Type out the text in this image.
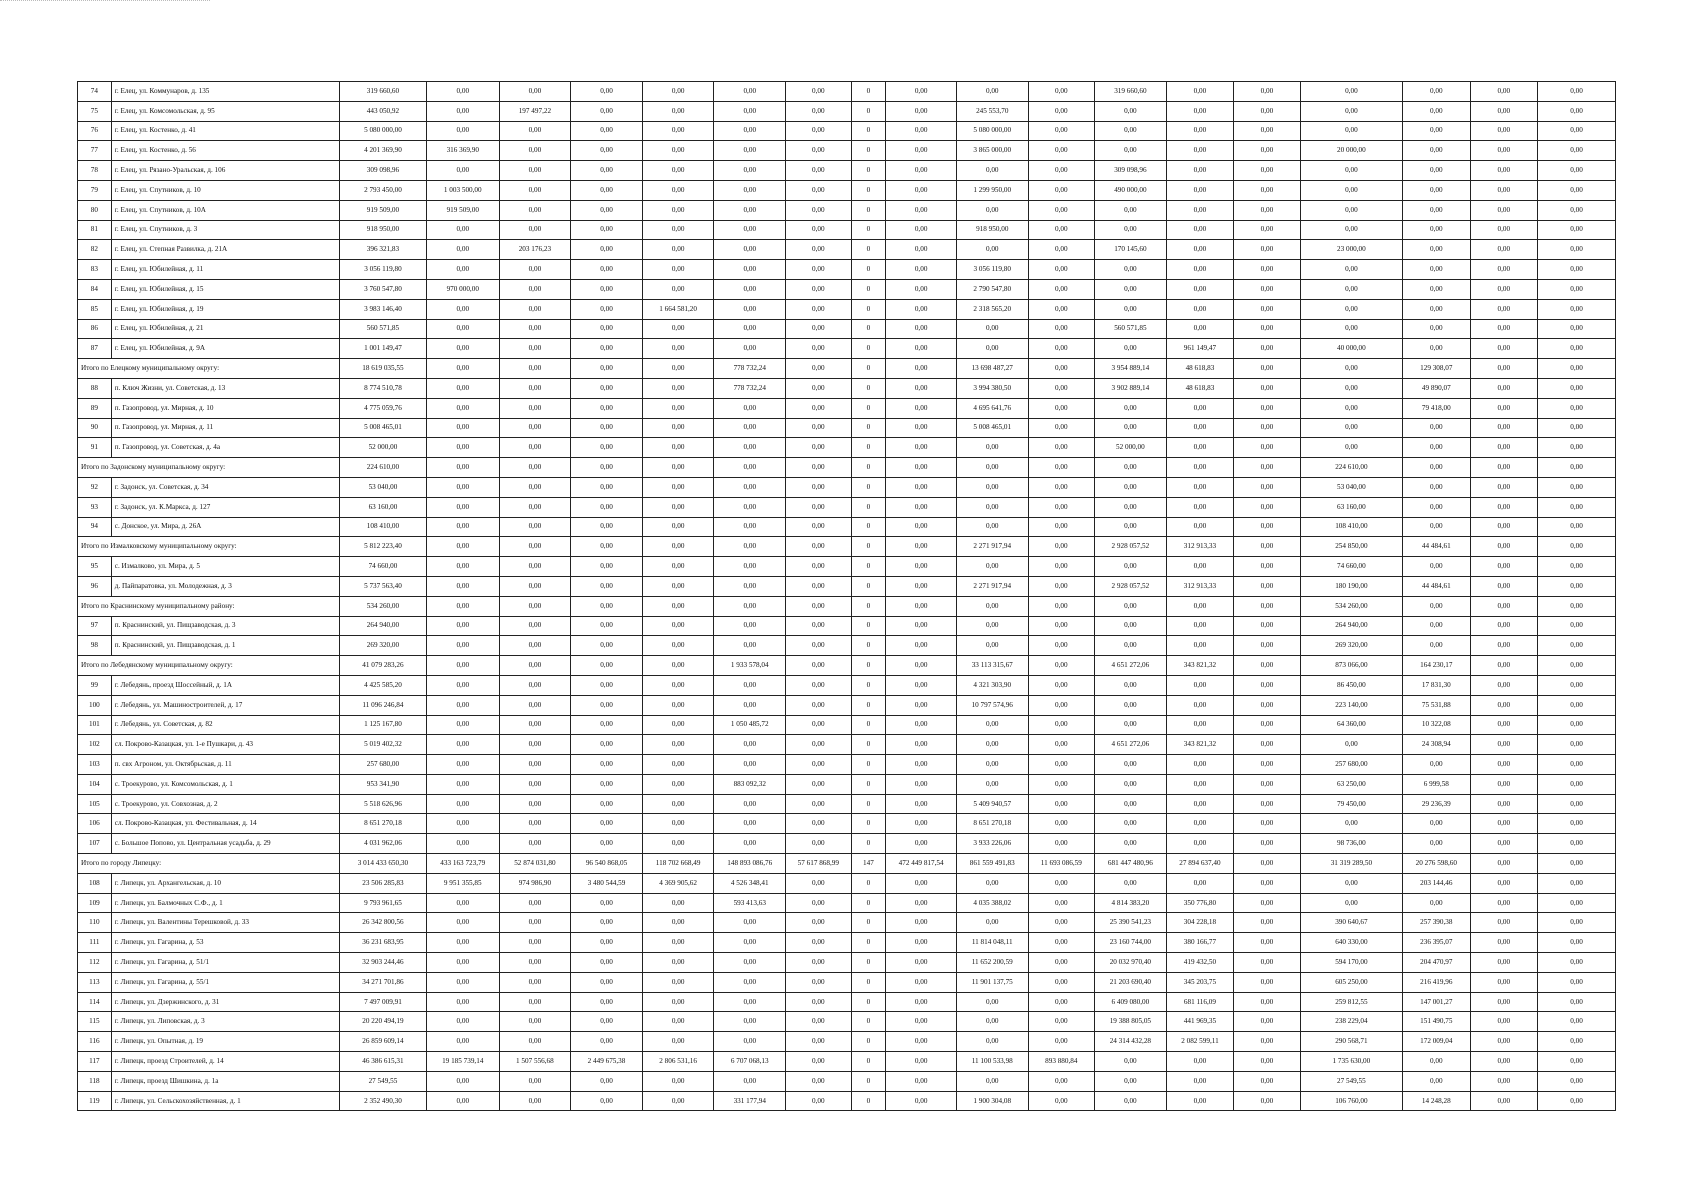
74	г. Елец, ул. Коммунаров, д. 135	319 660,60	0,00	0,00	0,00	0,00	0,00	0,00	0	0,00	0,00	0,00	319 660,60	0,00	0,00	0,00	0,00	0,00	0,00
75	г. Елец, ул. Комсомольская, д. 95	443 050,92	0,00	197 497,22	0,00	0,00	0,00	0,00	0	0,00	245 553,70	0,00	0,00	0,00	0,00	0,00	0,00	0,00	0,00
76	г. Елец, ул. Костенко, д. 41	5 080 000,00	0,00	0,00	0,00	0,00	0,00	0,00	0	0,00	5 080 000,00	0,00	0,00	0,00	0,00	0,00	0,00	0,00	0,00
77	г. Елец, ул. Костенко, д. 56	4 201 369,90	316 369,90	0,00	0,00	0,00	0,00	0,00	0	0,00	3 865 000,00	0,00	0,00	0,00	0,00	20 000,00	0,00	0,00	0,00
78	г. Елец, ул. Рязано-Уральская, д. 106	309 098,96	0,00	0,00	0,00	0,00	0,00	0,00	0	0,00	0,00	0,00	309 098,96	0,00	0,00	0,00	0,00	0,00	0,00
79	г. Елец, ул. Спутников, д. 10	2 793 450,00	1 003 500,00	0,00	0,00	0,00	0,00	0,00	0	0,00	1 299 950,00	0,00	490 000,00	0,00	0,00	0,00	0,00	0,00	0,00
80	г. Елец, ул. Спутников, д. 10А	919 509,00	919 509,00	0,00	0,00	0,00	0,00	0,00	0	0,00	0,00	0,00	0,00	0,00	0,00	0,00	0,00	0,00	0,00
81	г. Елец, ул. Спутников, д. 3	918 950,00	0,00	0,00	0,00	0,00	0,00	0,00	0	0,00	918 950,00	0,00	0,00	0,00	0,00	0,00	0,00	0,00	0,00
82	г. Елец, ул. Степная Развилка, д. 21А	396 321,83	0,00	203 176,23	0,00	0,00	0,00	0,00	0	0,00	0,00	0,00	170 145,60	0,00	0,00	23 000,00	0,00	0,00	0,00
83	г. Елец, ул. Юбилейная, д. 11	3 056 119,80	0,00	0,00	0,00	0,00	0,00	0,00	0	0,00	3 056 119,80	0,00	0,00	0,00	0,00	0,00	0,00	0,00	0,00
84	г. Елец, ул. Юбилейная, д. 15	3 760 547,80	970 000,00	0,00	0,00	0,00	0,00	0,00	0	0,00	2 790 547,80	0,00	0,00	0,00	0,00	0,00	0,00	0,00	0,00
85	г. Елец, ул. Юбилейная, д. 19	3 983 146,40	0,00	0,00	0,00	1 664 581,20	0,00	0,00	0	0,00	2 318 565,20	0,00	0,00	0,00	0,00	0,00	0,00	0,00	0,00
86	г. Елец, ул. Юбилейная, д. 21	560 571,85	0,00	0,00	0,00	0,00	0,00	0,00	0	0,00	0,00	0,00	560 571,85	0,00	0,00	0,00	0,00	0,00	0,00
87	г. Елец, ул. Юбилейная, д. 9А	1 001 149,47	0,00	0,00	0,00	0,00	0,00	0,00	0	0,00	0,00	0,00	0,00	961 149,47	0,00	40 000,00	0,00	0,00	0,00
Итого по Елецкому муниципальному округу:		18 619 035,55	0,00	0,00	0,00	0,00	778 732,24	0,00	0	0,00	13 698 487,27	0,00	3 954 889,14	48 618,83	0,00	0,00	129 308,07	0,00	0,00
88	п. Ключ Жизни, ул. Советская, д. 13	8 774 510,78	0,00	0,00	0,00	0,00	778 732,24	0,00	0	0,00	3 994 380,50	0,00	3 902 889,14	48 618,83	0,00	0,00	49 890,07	0,00	0,00
89	п. Газопровод, ул. Мирная, д. 10	4 775 059,76	0,00	0,00	0,00	0,00	0,00	0,00	0	0,00	4 695 641,76	0,00	0,00	0,00	0,00	0,00	79 418,00	0,00	0,00
90	п. Газопровод, ул. Мирная, д. 11	5 008 465,01	0,00	0,00	0,00	0,00	0,00	0,00	0	0,00	5 008 465,01	0,00	0,00	0,00	0,00	0,00	0,00	0,00	0,00
91	п. Газопровод, ул. Советская, д. 4а	52 000,00	0,00	0,00	0,00	0,00	0,00	0,00	0	0,00	0,00	0,00	52 000,00	0,00	0,00	0,00	0,00	0,00	0,00
Итого по Задонскому муниципальному округу:		224 610,00	0,00	0,00	0,00	0,00	0,00	0,00	0	0,00	0,00	0,00	0,00	0,00	0,00	224 610,00	0,00	0,00	0,00
92	г. Задонск, ул. Советская, д. 34	53 040,00	0,00	0,00	0,00	0,00	0,00	0,00	0	0,00	0,00	0,00	0,00	0,00	0,00	53 040,00	0,00	0,00	0,00
93	г. Задонск, ул. К.Маркса, д. 127	63 160,00	0,00	0,00	0,00	0,00	0,00	0,00	0	0,00	0,00	0,00	0,00	0,00	0,00	63 160,00	0,00	0,00	0,00
94	с. Донское, ул. Мира, д. 26А	108 410,00	0,00	0,00	0,00	0,00	0,00	0,00	0	0,00	0,00	0,00	0,00	0,00	0,00	108 410,00	0,00	0,00	0,00
Итого по Измалковскому муниципальному округу:		5 812 223,40	0,00	0,00	0,00	0,00	0,00	0,00	0	0,00	2 271 917,94	0,00	2 928 057,52	312 913,33	0,00	254 850,00	44 484,61	0,00	0,00
95	с. Измалково, ул. Мира, д. 5	74 660,00	0,00	0,00	0,00	0,00	0,00	0,00	0	0,00	0,00	0,00	0,00	0,00	0,00	74 660,00	0,00	0,00	0,00
96	д. Пайпаратовка, ул. Молодежная, д. 3	5 737 563,40	0,00	0,00	0,00	0,00	0,00	0,00	0	0,00	2 271 917,94	0,00	2 928 057,52	312 913,33	0,00	180 190,00	44 484,61	0,00	0,00
Итого по Краснинскому муниципальному району:		534 260,00	0,00	0,00	0,00	0,00	0,00	0,00	0	0,00	0,00	0,00	0,00	0,00	0,00	534 260,00	0,00	0,00	0,00
97	п. Краснинский, ул. Пищзаводская, д. 3	264 940,00	0,00	0,00	0,00	0,00	0,00	0,00	0	0,00	0,00	0,00	0,00	0,00	0,00	264 940,00	0,00	0,00	0,00
98	п. Краснинский, ул. Пищзаводская, д. 1	269 320,00	0,00	0,00	0,00	0,00	0,00	0,00	0	0,00	0,00	0,00	0,00	0,00	0,00	269 320,00	0,00	0,00	0,00
Итого по Лебедянскому муниципальному округу:		41 079 283,26	0,00	0,00	0,00	0,00	1 933 578,04	0,00	0	0,00	33 113 315,67	0,00	4 651 272,06	343 821,32	0,00	873 066,00	164 230,17	0,00	0,00
99	г. Лебедянь, проезд Шоссейный, д. 1А	4 425 585,20	0,00	0,00	0,00	0,00	0,00	0,00	0	0,00	4 321 303,90	0,00	0,00	0,00	0,00	86 450,00	17 831,30	0,00	0,00
100	г. Лебедянь, ул. Машиностроителей, д. 17	11 096 246,84	0,00	0,00	0,00	0,00	0,00	0,00	0	0,00	10 797 574,96	0,00	0,00	0,00	0,00	223 140,00	75 531,88	0,00	0,00
101	г. Лебедянь, ул. Советская, д. 82	1 125 167,80	0,00	0,00	0,00	0,00	1 050 485,72	0,00	0	0,00	0,00	0,00	0,00	0,00	0,00	64 360,00	10 322,08	0,00	0,00
102	сл. Покрово-Казацкая, ул. 1-е Пушкари, д. 43	5 019 402,32	0,00	0,00	0,00	0,00	0,00	0,00	0	0,00	0,00	0,00	4 651 272,06	343 821,32	0,00	0,00	24 308,94	0,00	0,00
103	п. свх Агроном, ул. Октябрьская, д. 11	257 680,00	0,00	0,00	0,00	0,00	0,00	0,00	0	0,00	0,00	0,00	0,00	0,00	0,00	257 680,00	0,00	0,00	0,00
104	с. Троекурово, ул. Комсомольская, д. 1	953 341,90	0,00	0,00	0,00	0,00	883 092,32	0,00	0	0,00	0,00	0,00	0,00	0,00	0,00	63 250,00	6 999,58	0,00	0,00
105	с. Троекурово, ул. Совхозная, д. 2	5 518 626,96	0,00	0,00	0,00	0,00	0,00	0,00	0	0,00	5 409 940,57	0,00	0,00	0,00	0,00	79 450,00	29 236,39	0,00	0,00
106	сл. Покрово-Казацкая, ул. Фестивальная, д. 14	8 651 270,18	0,00	0,00	0,00	0,00	0,00	0,00	0	0,00	8 651 270,18	0,00	0,00	0,00	0,00	0,00	0,00	0,00	0,00
107	с. Большое Попово, ул. Центральная усадьба, д. 29	4 031 962,06	0,00	0,00	0,00	0,00	0,00	0,00	0	0,00	3 933 226,06	0,00	0,00	0,00	0,00	98 736,00	0,00	0,00	0,00
Итого по городу Липецку:		3 014 433 650,30	433 163 723,79	52 874 031,80	96 540 868,05	118 702 668,49	148 893 086,76	57 617 868,99	147	472 449 817,54	861 559 491,83	11 693 086,59	681 447 480,96	27 894 637,40	0,00	31 319 289,50	20 276 598,60	0,00	0,00
108	г. Липецк, ул. Архангельская, д. 10	23 506 285,83	9 951 355,85	974 986,90	3 480 544,59	4 369 905,62	4 526 348,41	0,00	0	0,00	0,00	0,00	0,00	0,00	0,00	0,00	203 144,46	0,00	0,00
109	г. Липецк, ул. Балмочных С.Ф., д. 1	9 793 961,65	0,00	0,00	0,00	0,00	593 413,63	0,00	0	0,00	4 035 388,02	0,00	4 814 383,20	350 776,80	0,00	0,00	0,00	0,00	0,00
110	г. Липецк, ул. Валентины Терешковой, д. 33	26 342 800,56	0,00	0,00	0,00	0,00	0,00	0,00	0	0,00	0,00	0,00	25 390 541,23	304 228,18	0,00	390 640,67	257 390,38	0,00	0,00
111	г. Липецк, ул. Гагарина, д. 53	36 231 683,95	0,00	0,00	0,00	0,00	0,00	0,00	0	0,00	11 814 048,11	0,00	23 160 744,00	380 166,77	0,00	640 330,00	236 395,07	0,00	0,00
112	г. Липецк, ул. Гагарина, д. 51/1	32 903 244,46	0,00	0,00	0,00	0,00	0,00	0,00	0	0,00	11 652 200,59	0,00	20 032 970,40	419 432,50	0,00	594 170,00	204 470,97	0,00	0,00
113	г. Липецк, ул. Гагарина, д. 55/1	34 271 701,86	0,00	0,00	0,00	0,00	0,00	0,00	0	0,00	11 901 137,75	0,00	21 203 690,40	345 203,75	0,00	605 250,00	216 419,96	0,00	0,00
114	г. Липецк, ул. Дзержинского, д. 31	7 497 009,91	0,00	0,00	0,00	0,00	0,00	0,00	0	0,00	0,00	0,00	6 409 080,00	681 116,09	0,00	259 812,55	147 001,27	0,00	0,00
115	г. Липецк, ул. Липовская, д. 3	20 220 494,19	0,00	0,00	0,00	0,00	0,00	0,00	0	0,00	0,00	0,00	19 388 805,05	441 969,35	0,00	238 229,04	151 490,75	0,00	0,00
116	г. Липецк, ул. Опытная, д. 19	26 859 609,14	0,00	0,00	0,00	0,00	0,00	0,00	0	0,00	0,00	0,00	24 314 432,28	2 082 599,11	0,00	290 568,71	172 009,04	0,00	0,00
117	г. Липецк, проезд Строителей, д. 14	46 386 615,31	19 185 739,14	1 507 556,68	2 449 675,38	2 806 531,16	6 707 068,13	0,00	0	0,00	11 100 533,98	893 880,84	0,00	0,00	0,00	1 735 630,00	0,00	0,00	0,00
118	г. Липецк, проезд Шишкина, д. 1а	27 549,55	0,00	0,00	0,00	0,00	0,00	0,00	0	0,00	0,00	0,00	0,00	0,00	0,00	27 549,55	0,00	0,00	0,00
119	г. Липецк, ул. Сельскохозяйственная, д. 1	2 352 490,30	0,00	0,00	0,00	0,00	331 177,94	0,00	0	0,00	1 900 304,08	0,00	0,00	0,00	0,00	106 760,00	14 248,28	0,00	0,00
